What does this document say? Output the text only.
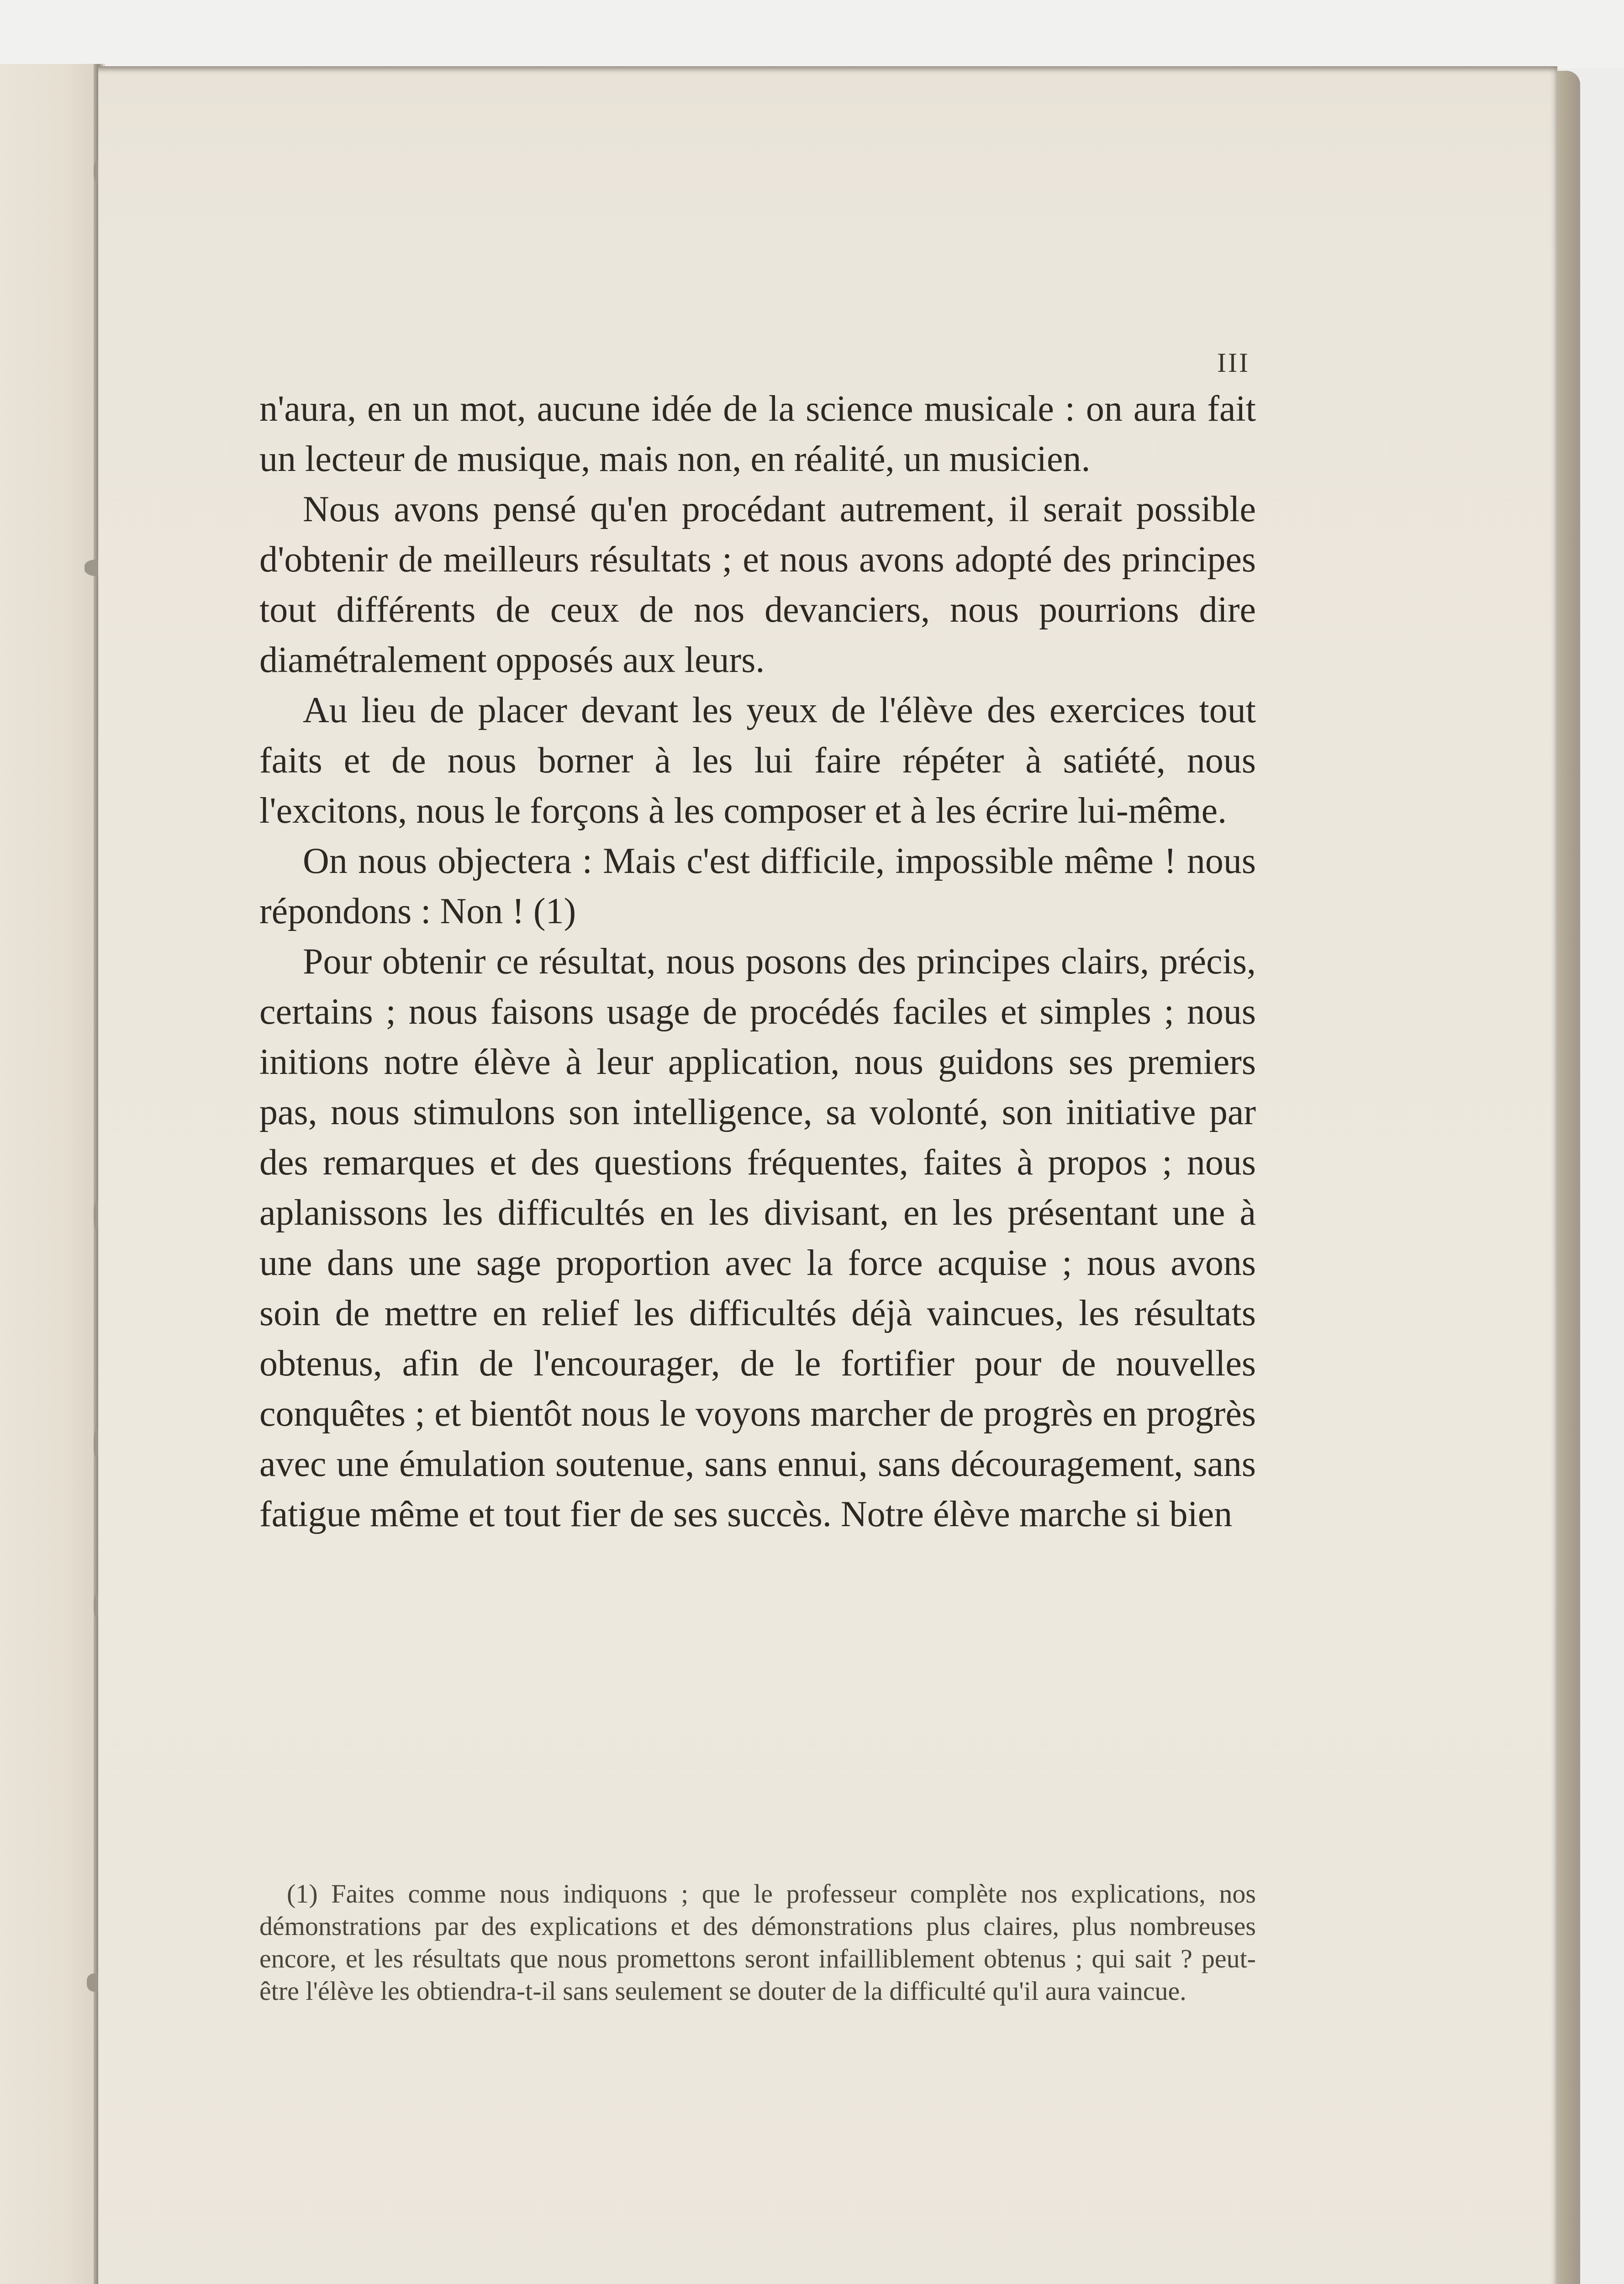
III

n'aura, en un mot, aucune idée de la science musicale : on aura fait un lecteur de musique, mais non, en réalité, un musicien.

Nous avons pensé qu'en procédant autrement, il serait possible d'obtenir de meilleurs résultats ; et nous avons adopté des principes tout différents de ceux de nos devanciers, nous pourrions dire diamétralement opposés aux leurs.

Au lieu de placer devant les yeux de l'élève des exercices tout faits et de nous borner à les lui faire répéter à satiété, nous l'excitons, nous le forçons à les composer et à les écrire lui-même.

On nous objectera : Mais c'est difficile, impossible même ! nous répondons : Non ! (1)

Pour obtenir ce résultat, nous posons des principes clairs, précis, certains ; nous faisons usage de procédés faciles et simples ; nous initions notre élève à leur application, nous guidons ses premiers pas, nous stimulons son intelligence, sa volonté, son initiative par des remarques et des questions fréquentes, faites à propos ; nous aplanissons les difficultés en les divisant, en les présentant une à une dans une sage proportion avec la force acquise ; nous avons soin de mettre en relief les difficultés déjà vaincues, les résultats obtenus, afin de l'encourager, de le fortifier pour de nouvelles conquêtes ; et bientôt nous le voyons marcher de progrès en progrès avec une émulation soutenue, sans ennui, sans découragement, sans fatigue même et tout fier de ses succès. Notre élève marche si bien

(1) Faites comme nous indiquons ; que le professeur complète nos explications, nos démonstrations par des explications et des démonstrations plus claires, plus nombreuses encore, et les résultats que nous promettons seront infailliblement obtenus ; qui sait ? peut-être l'élève les obtiendra-t-il sans seulement se douter de la difficulté qu'il aura vaincue.
